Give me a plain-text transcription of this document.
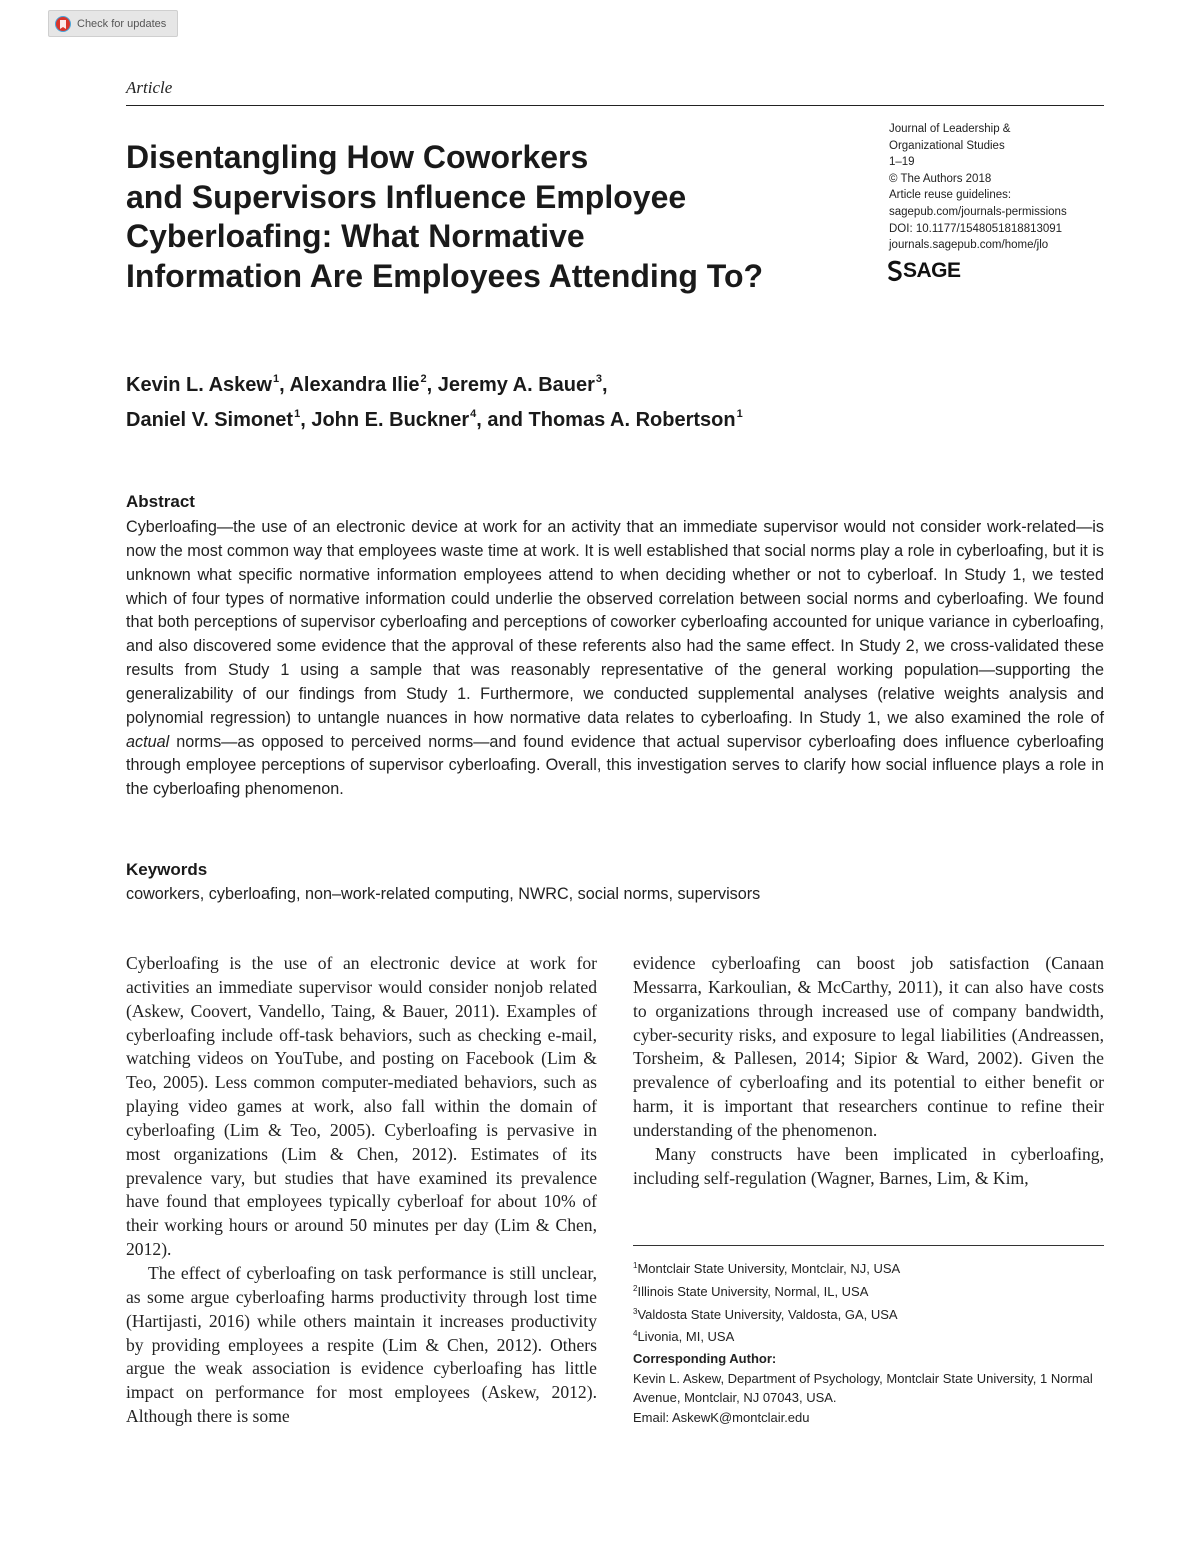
Check for updates
Article
Disentangling How Coworkers
and Supervisors Influence Employee
Cyberloafing: What Normative
Information Are Employees Attending To?
Journal of Leadership &
Organizational Studies
1–19
© The Authors 2018
Article reuse guidelines:
sagepub.com/journals-permissions
DOI: 10.1177/1548051818813091
journals.sagepub.com/home/jlo
SAGE
Kevin L. Askew$^1$, Alexandra Ilie$^2$, Jeremy A. Bauer$^3$,
Daniel V. Simonet$^1$, John E. Buckner$^4$, and Thomas A. Robertson$^1$
Abstract
Cyberloafing—the use of an electronic device at work for an activity that an immediate supervisor would not consider work-related—is now the most common way that employees waste time at work. It is well established that social norms play a role in cyberloafing, but it is unknown what specific normative information employees attend to when deciding whether or not to cyberloaf. In Study 1, we tested which of four types of normative information could underlie the observed correlation between social norms and cyberloafing. We found that both perceptions of supervisor cyberloafing and perceptions of coworker cyberloafing accounted for unique variance in cyberloafing, and also discovered some evidence that the approval of these referents also had the same effect. In Study 2, we cross-validated these results from Study 1 using a sample that was reasonably representative of the general working population—supporting the generalizability of our findings from Study 1. Furthermore, we conducted supplemental analyses (relative weights analysis and polynomial regression) to untangle nuances in how normative data relates to cyberloafing. In Study 1, we also examined the role of actual norms—as opposed to perceived norms—and found evidence that actual supervisor cyberloafing does influence cyberloafing through employee perceptions of supervisor cyberloafing. Overall, this investigation serves to clarify how social influence plays a role in the cyberloafing phenomenon.
Keywords
coworkers, cyberloafing, non–work-related computing, NWRC, social norms, supervisors

Cyberloafing is the use of an electronic device at work for activities an immediate supervisor would consider nonjob related (Askew, Coovert, Vandello, Taing, & Bauer, 2011). Examples of cyberloafing include off-task behaviors, such as checking e-mail, watching videos on YouTube, and posting on Facebook (Lim & Teo, 2005). Less common computer-mediated behaviors, such as playing video games at work, also fall within the domain of cyberloafing (Lim & Teo, 2005). Cyberloafing is pervasive in most organizations (Lim & Chen, 2012). Estimates of its prevalence vary, but studies that have examined its prevalence have found that employees typically cyberloaf for about 10% of their working hours or around 50 minutes per day (Lim & Chen, 2012).

The effect of cyberloafing on task performance is still unclear, as some argue cyberloafing harms productivity through lost time (Hartijasti, 2016) while others maintain it increases productivity by providing employees a respite (Lim & Chen, 2012). Others argue the weak association is evidence cyberloafing has little impact on performance for most employees (Askew, 2012). Although there is some

evidence cyberloafing can boost job satisfaction (Canaan Messarra, Karkoulian, & McCarthy, 2011), it can also have costs to organizations through increased use of company bandwidth, cyber-security risks, and exposure to legal liabilities (Andreassen, Torsheim, & Pallesen, 2014; Sipior & Ward, 2002). Given the prevalence of cyberloafing and its potential to either benefit or harm, it is important that researchers continue to refine their understanding of the phenomenon.

Many constructs have been implicated in cyberloafing, including self-regulation (Wagner, Barnes, Lim, & Kim,

$^1$Montclair State University, Montclair, NJ, USA
$^2$Illinois State University, Normal, IL, USA
$^3$Valdosta State University, Valdosta, GA, USA
$^4$Livonia, MI, USA
Corresponding Author:
Kevin L. Askew, Department of Psychology, Montclair State University, 1 Normal Avenue, Montclair, NJ 07043, USA.
Email: AskewK@montclair.edu
